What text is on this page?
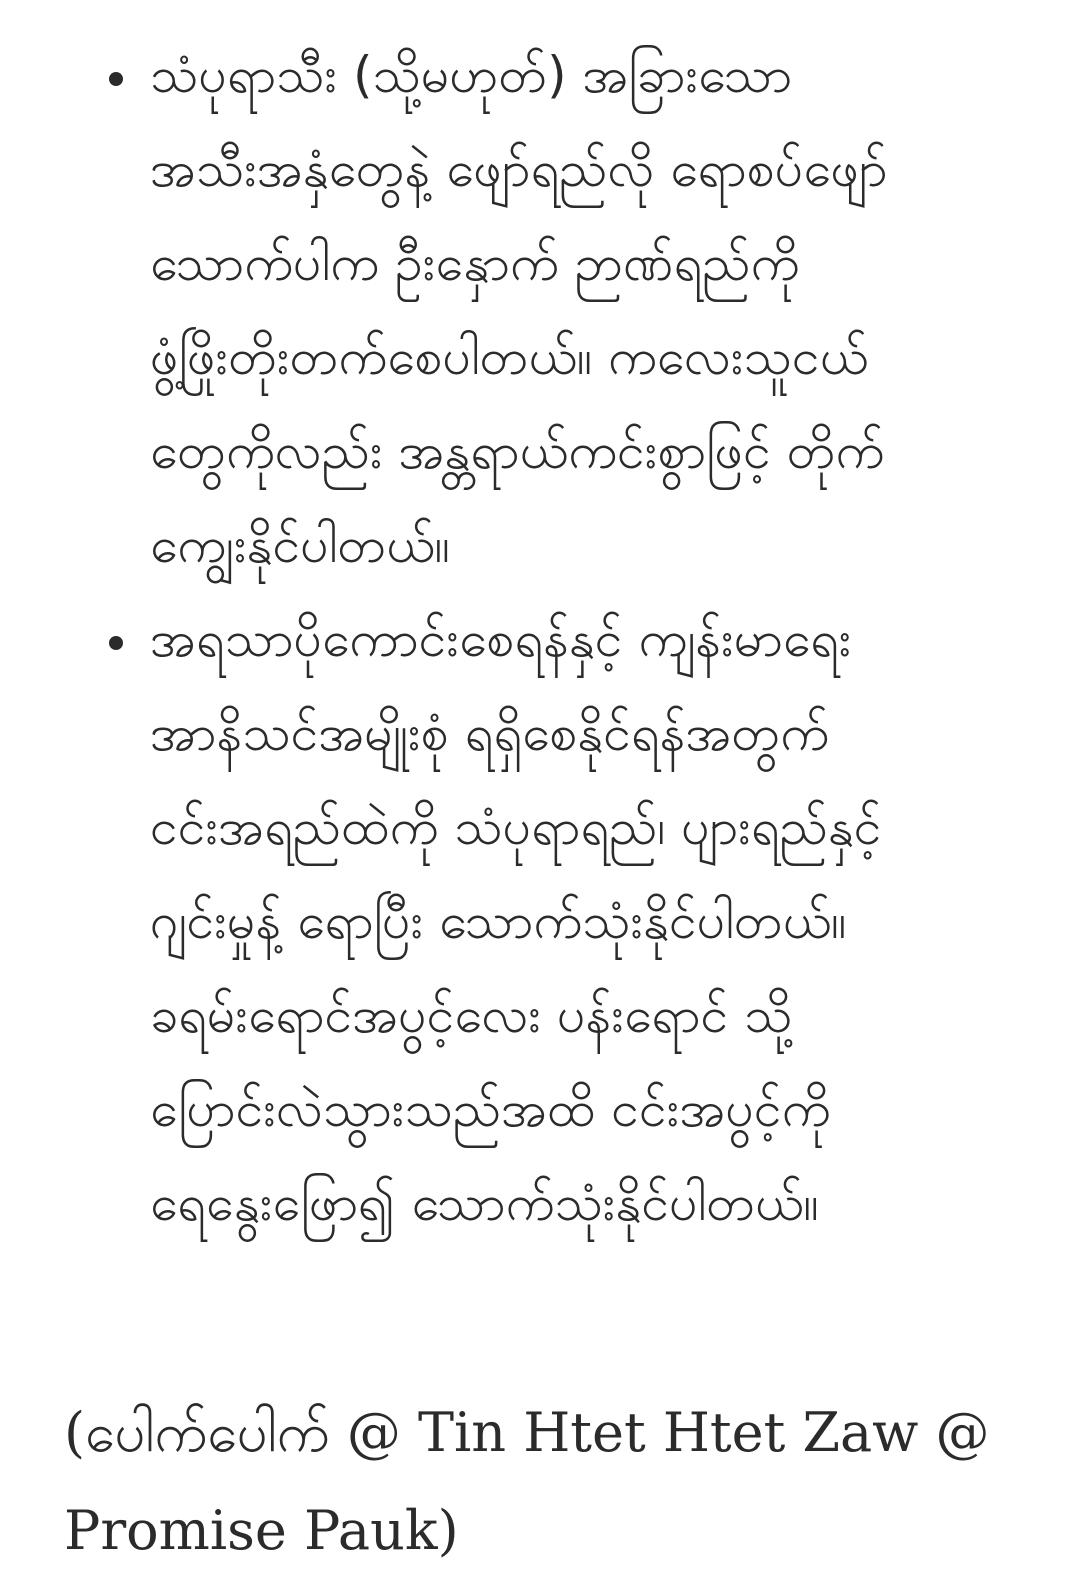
သံပုရာသီး (သို့မဟုတ်) အခြားသော
အသီးအနှံတွေနဲ့ ဖျော်ရည်လို ရောစပ်ဖျော်
သောက်ပါက ဦးနှောက် ဉာဏ်ရည်ကို
ဖွံ့ဖြိုးတိုးတက်စေပါတယ်။ ကလေးသူငယ်
တွေကိုလည်း အန္တရာယ်ကင်းစွာဖြင့် တိုက်
ကျွေးနိုင်ပါတယ်။
အရသာပိုကောင်းစေရန်နှင့် ကျန်းမာရေး
အာနိသင်အမျိုးစုံ ရရှိစေနိုင်ရန်အတွက်
ငင်းအရည်ထဲကို သံပုရာရည်၊ ပျားရည်နှင့်
ဂျင်းမှုန့် ရောပြီး သောက်သုံးနိုင်ပါတယ်။
ခရမ်းရောင်အပွင့်လေး ပန်းရောင် သို့
ပြောင်းလဲသွားသည်အထိ ငင်းအပွင့်ကို
ရေနွေးဖြော၍ သောက်သုံးနိုင်ပါတယ်။

(ပေါက်ပေါက် @ Tin Htet Htet Zaw @
Promise Pauk)
